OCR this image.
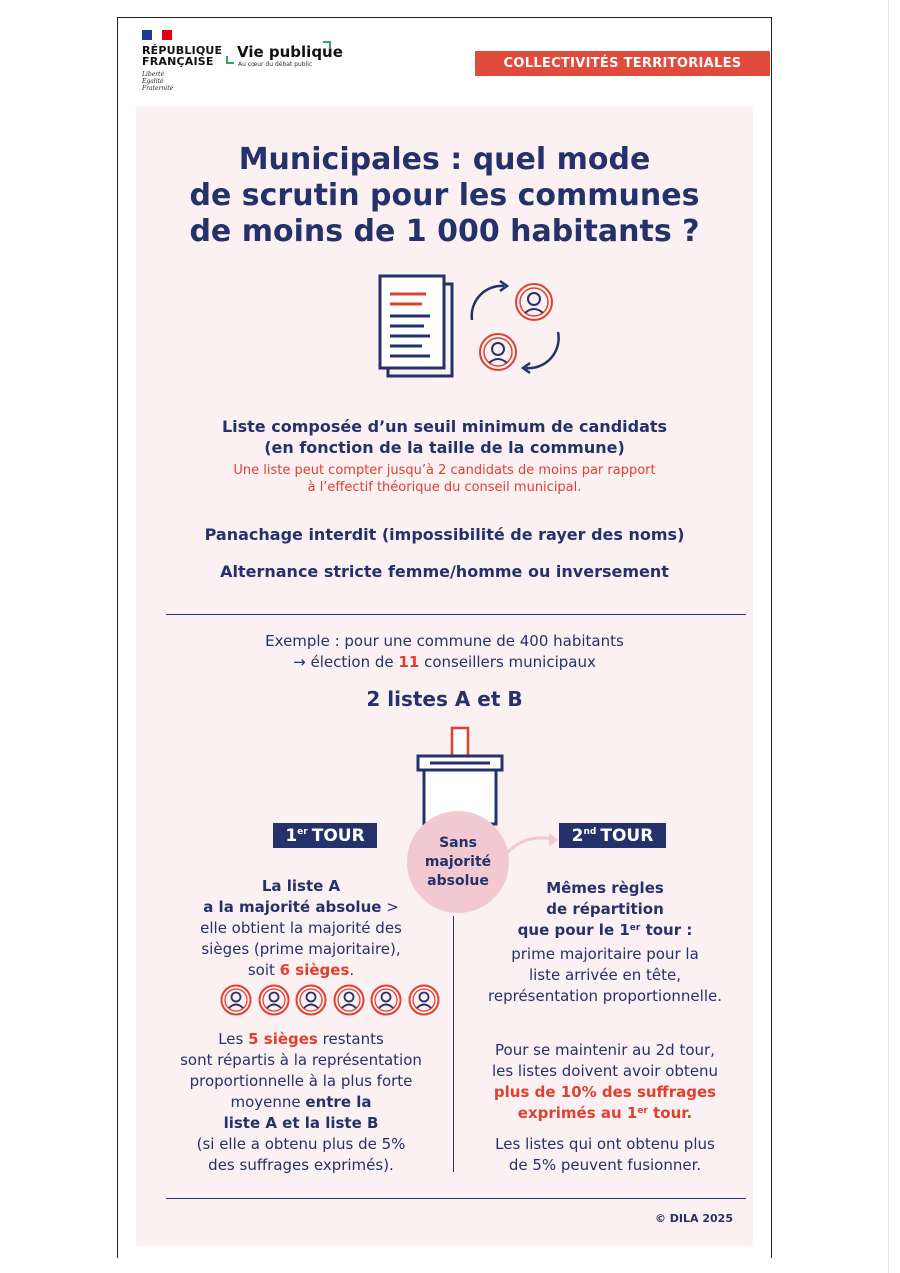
RÉPUBLIQUE
FRANÇAISE
Liberté
Égalité
Fraternité
Vie publique
Au cœur du débat public	COLLECTIVITÉS TERRITORIALES
Municipales : quel mode
de scrutin pour les communes
de moins de 1 000 habitants ?
Liste composée d’un seuil minimum de candidats
(en fonction de la taille de la commune)
Une liste peut compter jusqu’à 2 candidats de moins par rapport
à l’effectif théorique du conseil municipal.
Panachage interdit (impossibilité de rayer des noms)
Alternance stricte femme/homme ou inversement
Exemple : pour une commune de 400 habitants
→ élection de 11 conseillers municipaux
2 listes A et B
1er TOUR	2nd TOUR
Sans
majorité
absolue

La liste A

a la majorité absolue >

elle obtient la majorité des

sièges (prime majoritaire),

soit 6 sièges.

Les 5 sièges restants

sont répartis à la représentation

proportionnelle à la plus forte

moyenne entre la

liste A et la liste B

(si elle a obtenu plus de 5%

des suffrages exprimés).

Mêmes règles

de répartition

que pour le 1er tour :

prime majoritaire pour la

liste arrivée en tête,

représentation proportionnelle.

Pour se maintenir au 2d tour,

les listes doivent avoir obtenu

plus de 10% des suffrages

exprimés au 1er tour.

Les listes qui ont obtenu plus

de 5% peuvent fusionner.

© DILA 2025
